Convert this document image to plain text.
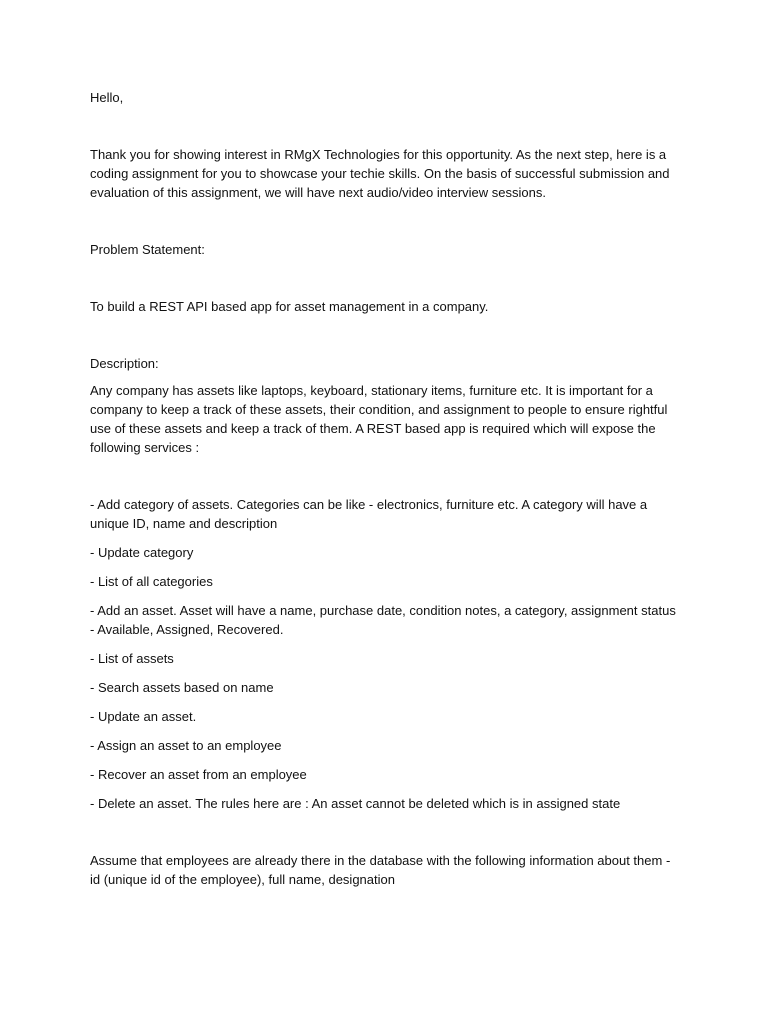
Hello,

Thank you for showing interest in RMgX Technologies for this opportunity. As the next step, here is a coding assignment for you to showcase your techie skills. On the basis of successful submission and evaluation of this assignment, we will have next audio/video interview sessions.

Problem Statement:

To build a REST API based app for asset management in a company.

Description:

Any company has assets like laptops, keyboard, stationary items, furniture etc. It is important for a company to keep a track of these assets, their condition, and assignment to people to ensure rightful use of these assets and keep a track of them. A REST based app is required which will expose the following services :

- Add category of assets. Categories can be like - electronics, furniture etc. A category will have a unique ID, name and description
- Update category
- List of all categories
- Add an asset. Asset will have a name, purchase date, condition notes, a category, assignment status - Available, Assigned, Recovered.
- List of assets
- Search assets based on name
- Update an asset.
- Assign an asset to an employee
- Recover an asset from an employee
- Delete an asset. The rules here are : An asset cannot be deleted which is in assigned state

Assume that employees are already there in the database with the following information about them - id (unique id of the employee), full name, designation
